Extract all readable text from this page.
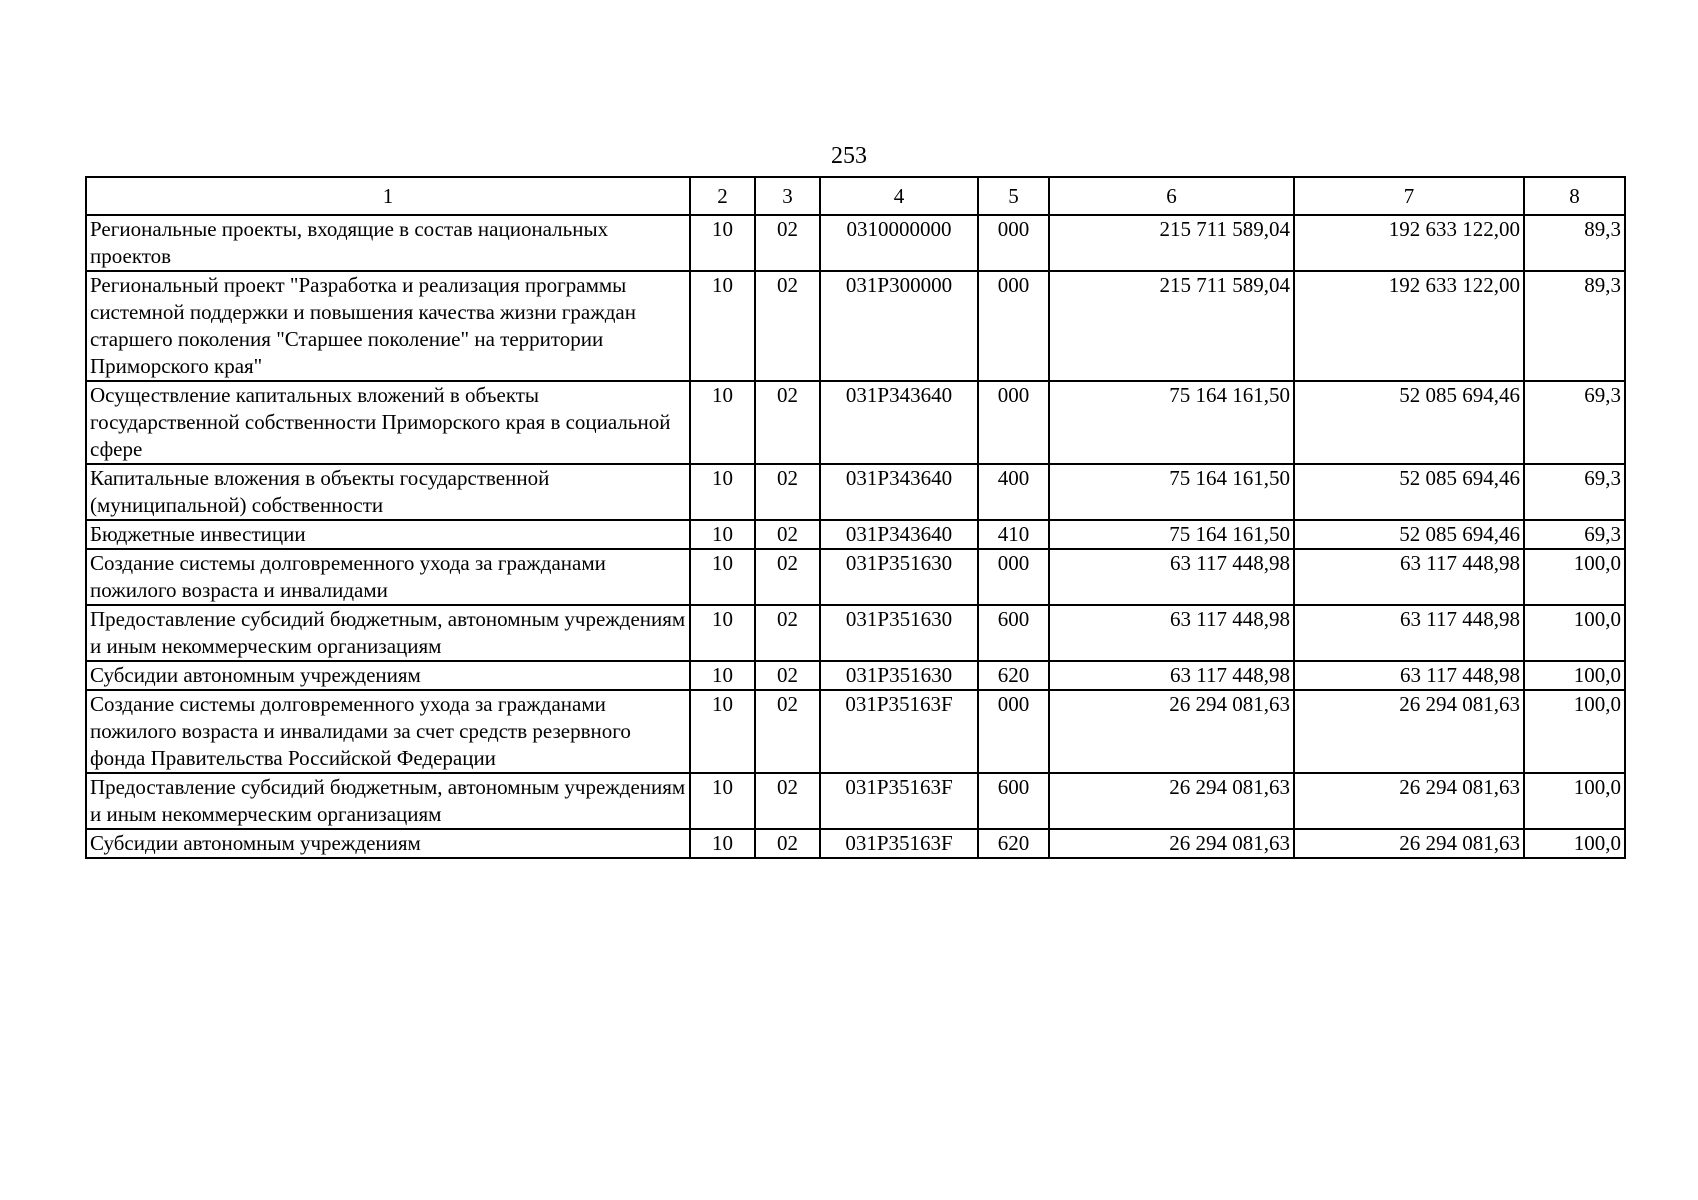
253
1	2	3	4	5	6	7	8
Региональные проекты, входящие в состав национальных проектов	10	02	0310000000	000	215 711 589,04	192 633 122,00	89,3
Региональный проект "Разработка и реализация программы системной поддержки и повышения качества жизни граждан старшего поколения "Старшее поколение" на территории Приморского края"	10	02	031P300000	000	215 711 589,04	192 633 122,00	89,3
Осуществление капитальных вложений в объекты государственной собственности Приморского края в социальной сфере	10	02	031P343640	000	75 164 161,50	52 085 694,46	69,3
Капитальные вложения в объекты государственной (муниципальной) собственности	10	02	031P343640	400	75 164 161,50	52 085 694,46	69,3
Бюджетные инвестиции	10	02	031P343640	410	75 164 161,50	52 085 694,46	69,3
Создание системы долговременного ухода за гражданами пожилого возраста и инвалидами	10	02	031P351630	000	63 117 448,98	63 117 448,98	100,0
Предоставление субсидий бюджетным, автономным учреждениям и иным некоммерческим организациям	10	02	031P351630	600	63 117 448,98	63 117 448,98	100,0
Субсидии автономным учреждениям	10	02	031P351630	620	63 117 448,98	63 117 448,98	100,0
Создание системы долговременного ухода за гражданами пожилого возраста и инвалидами за счет средств резервного фонда Правительства Российской Федерации	10	02	031P35163F	000	26 294 081,63	26 294 081,63	100,0
Предоставление субсидий бюджетным, автономным учреждениям и иным некоммерческим организациям	10	02	031P35163F	600	26 294 081,63	26 294 081,63	100,0
Субсидии автономным учреждениям	10	02	031P35163F	620	26 294 081,63	26 294 081,63	100,0
